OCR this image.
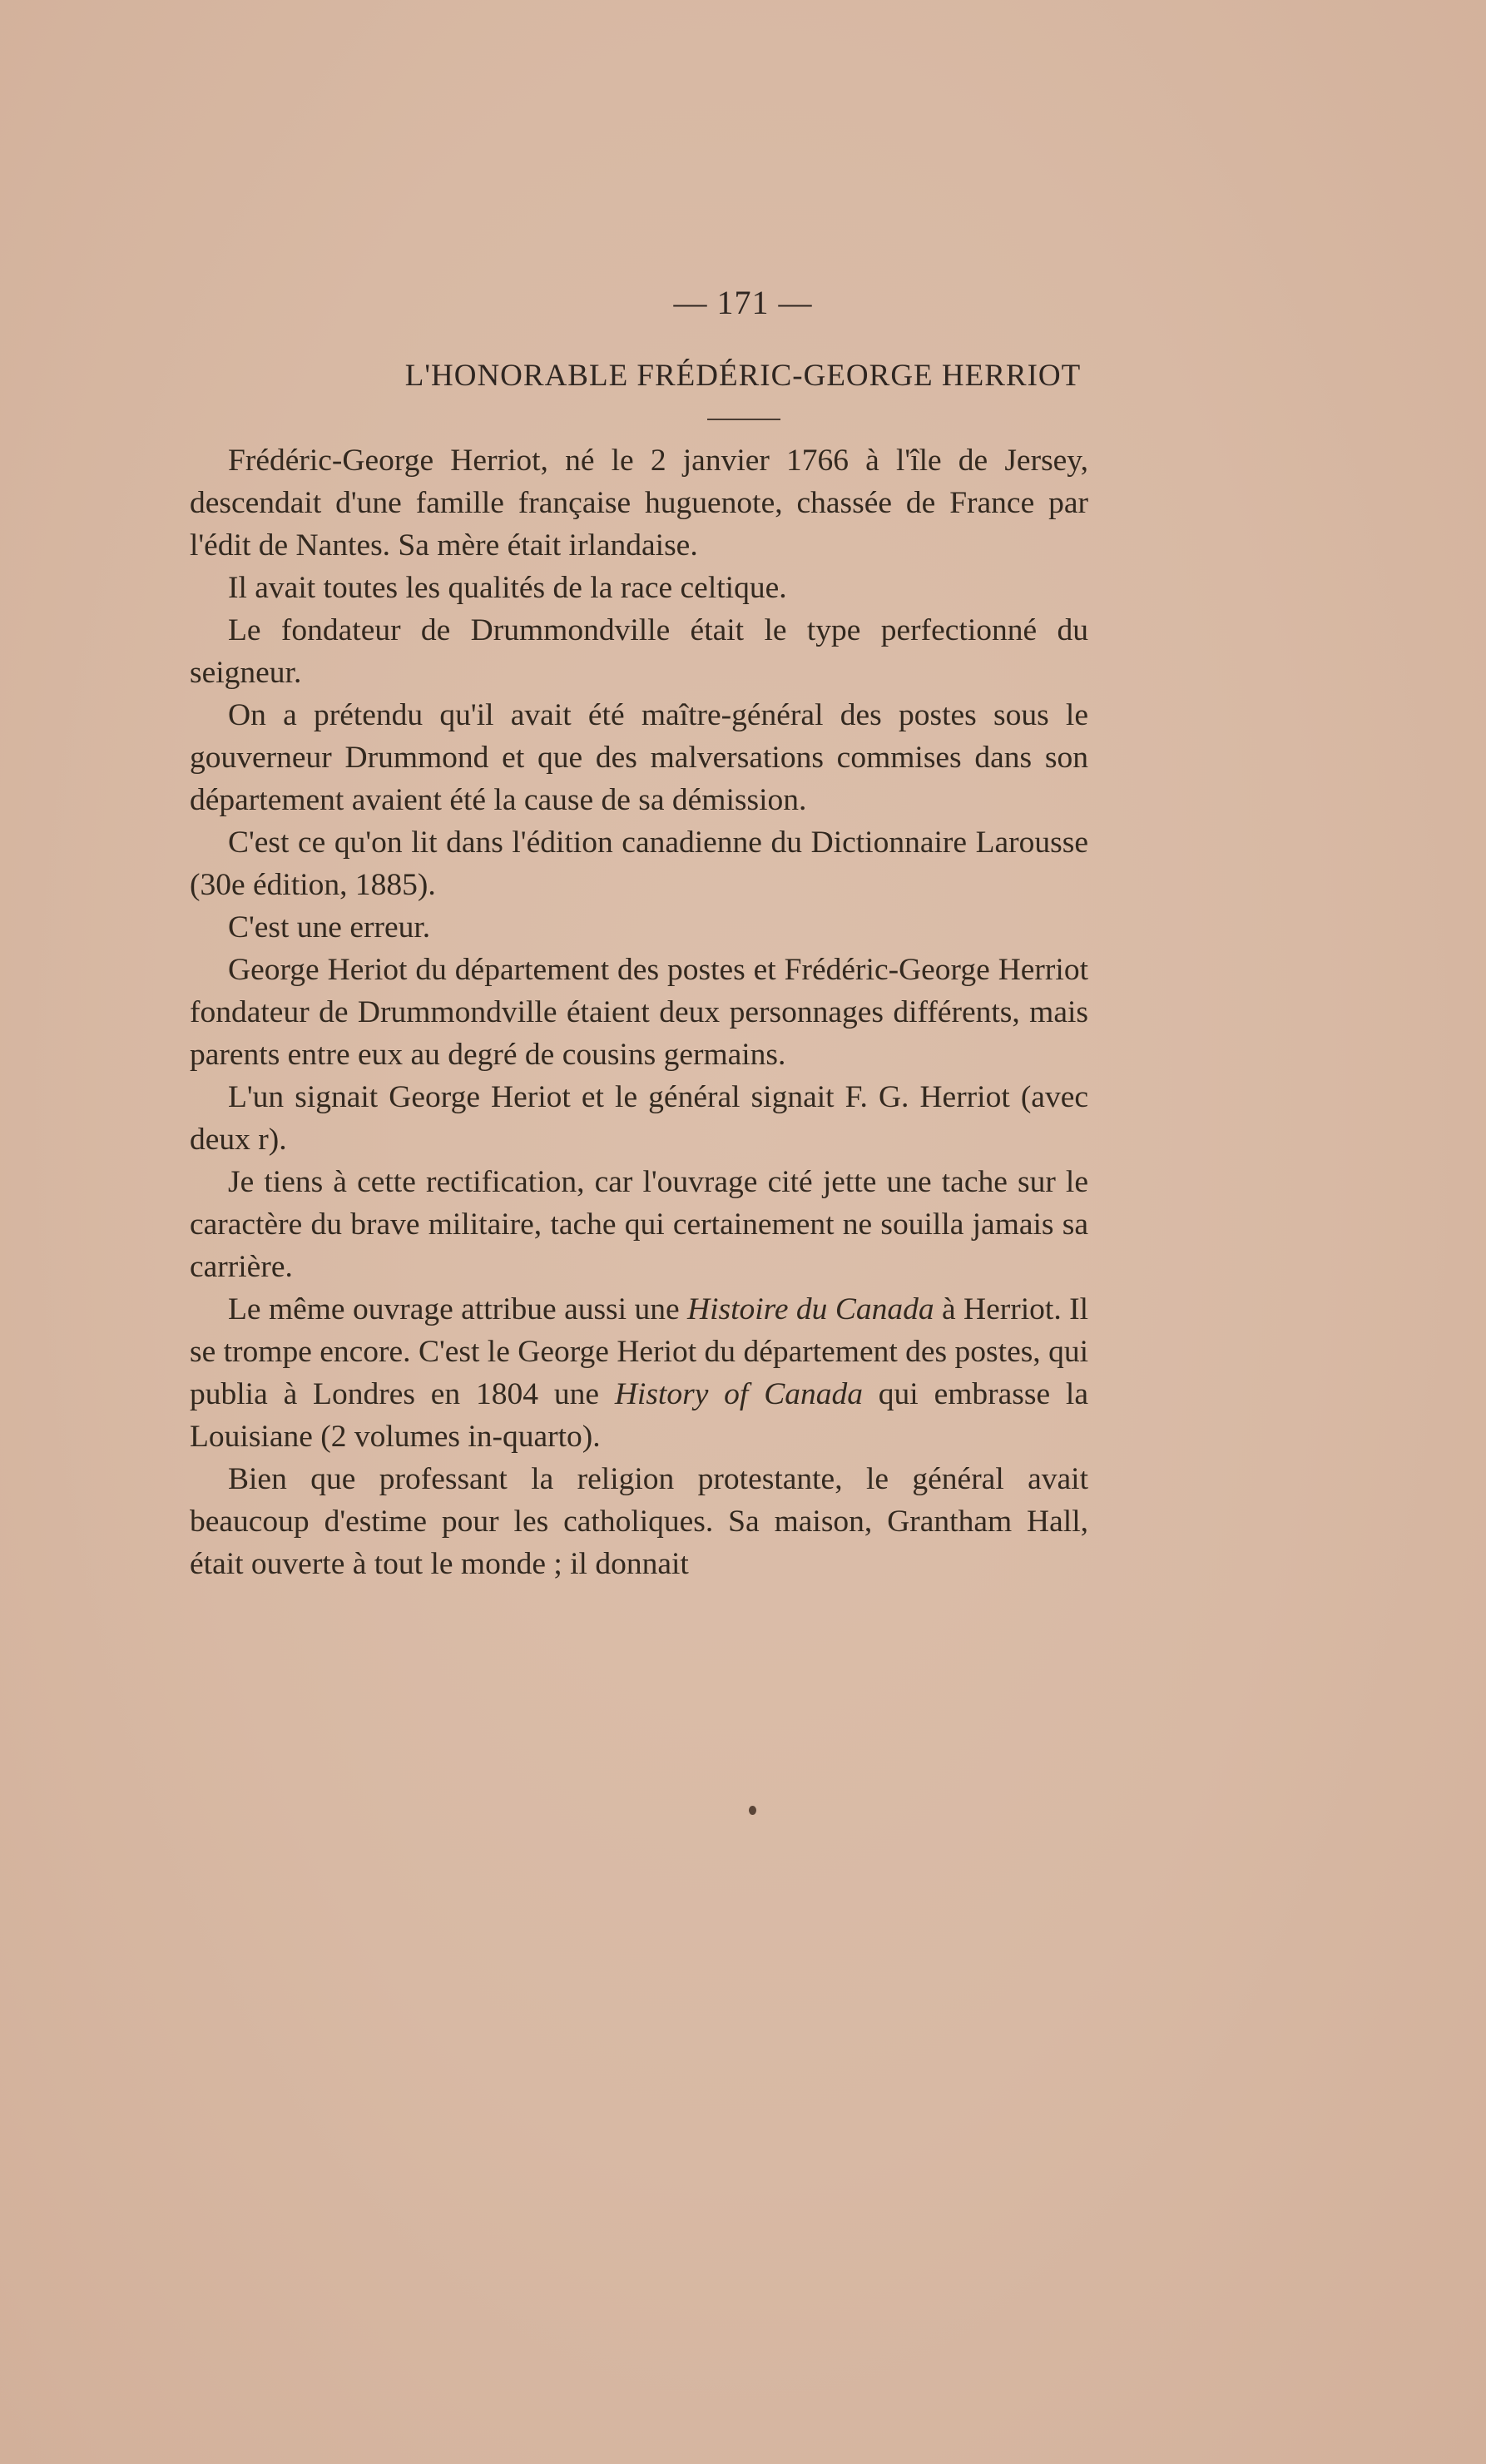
— 171 —
L'HONORABLE FRÉDÉRIC-GEORGE HERRIOT

Frédéric-George Herriot, né le 2 janvier 1766 à l'île de Jersey, descendait d'une famille française huguenote, chassée de France par l'édit de Nantes. Sa mère était irlandaise.

Il avait toutes les qualités de la race celtique.

Le fondateur de Drummondville était le type perfectionné du seigneur.

On a prétendu qu'il avait été maître-général des postes sous le gouverneur Drummond et que des malversations commises dans son département avaient été la cause de sa démission.

C'est ce qu'on lit dans l'édition canadienne du Dictionnaire Larousse (30e édition, 1885).

C'est une erreur.

George Heriot du département des postes et Frédéric-George Herriot fondateur de Drummondville étaient deux personnages différents, mais parents entre eux au degré de cousins germains.

L'un signait George Heriot et le général signait F. G. Herriot (avec deux r).

Je tiens à cette rectification, car l'ouvrage cité jette une tache sur le caractère du brave militaire, tache qui certainement ne souilla jamais sa carrière.

Le même ouvrage attribue aussi une Histoire du Canada à Herriot. Il se trompe encore. C'est le George Heriot du département des postes, qui publia à Londres en 1804 une History of Canada qui embrasse la Louisiane (2 volumes in-quarto).

Bien que professant la religion protestante, le général avait beaucoup d'estime pour les catholiques. Sa maison, Grantham Hall, était ouverte à tout le monde ; il donnait
